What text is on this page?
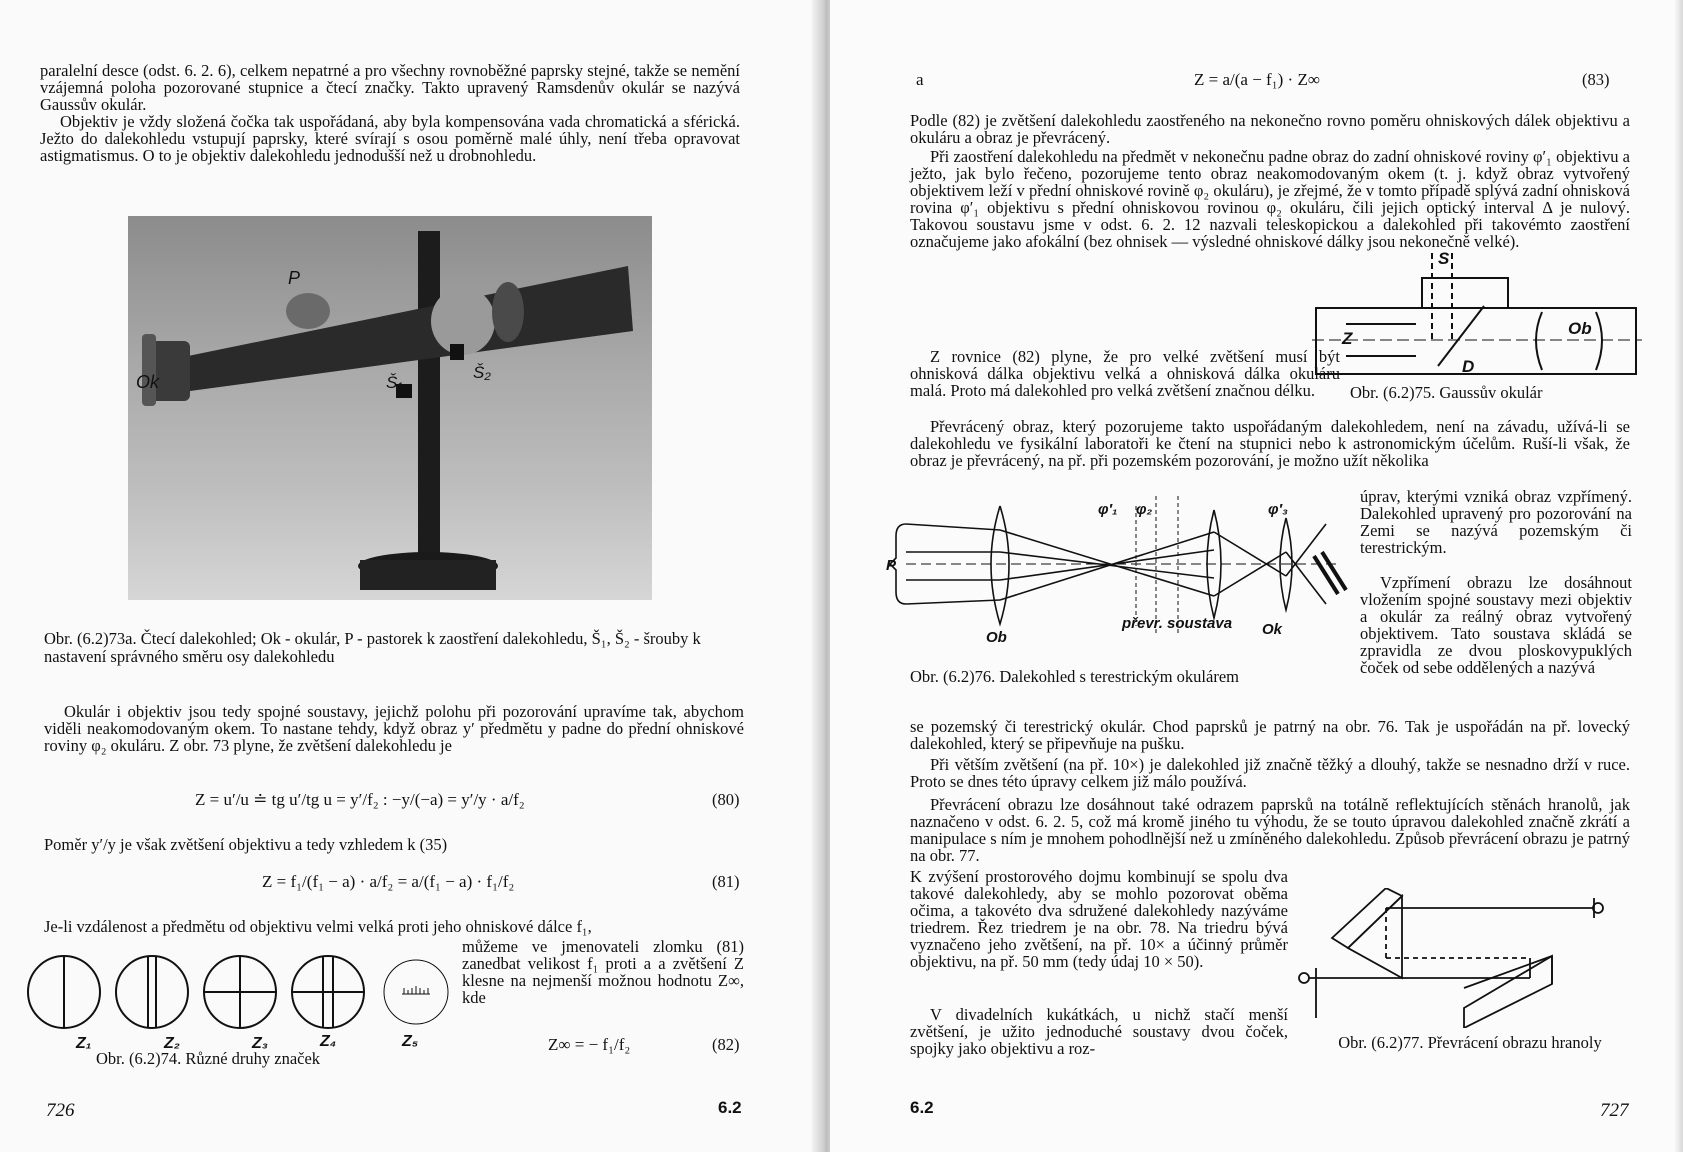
paralelní desce (odst. 6. 2. 6), celkem nepatrné a pro všechny rovnoběžné paprsky stejné, takže se nemění vzájemná poloha pozorované stupnice a čtecí značky. Takto upravený Ramsdenův okulár se nazývá Gaussův okulár.

Objektiv je vždy složená čočka tak uspořádaná, aby byla kompensována vada chromatická a sférická. Ježto do dalekohledu vstupují paprsky, které svírají s osou poměrně malé úhly, není třeba opravovat astigmatismus. O to je objektiv dalekohledu jednodušší než u drobnohledu.

P
Ok	Š₁
Š₂
Obr. (6.2)73a. Čtecí dalekohled; Ok - okulár, P - pastorek k zaostření dalekohledu, Š₁, Š₂ - šrouby k nastavení správného směru osy dalekohledu
Okulár i objektiv jsou tedy spojné soustavy, jejichž polohu při pozorování upravíme tak, abychom viděli neakomodovaným okem. To nastane tehdy, když obraz y′ předmětu y padne do přední ohniskové roviny φ₂ okuláru. Z obr. 73 plyne, že zvětšení dalekohledu je
Z = u′/u ≐ tg u′/tg u = y′/f₂ : −y/(−a) = y′/y · a/f₂	(80)
Poměr y′/y je však zvětšení objektivu a tedy vzhledem k (35)
Z = f₁/(f₁ − a) · a/f₂ = a/(f₁ − a) · f₁/f₂	(81)
Je-li vzdálenost a předmětu od objektivu velmi velká proti jeho ohniskové dálce f₁,
můžeme ve jmenovateli zlomku (81) zanedbat velikost f₁ proti a a zvětšení Z klesne na nejmenší možnou hodnotu Z∞, kde
Z₁	Z₂	Z₃	Z₄	Z₅
Obr. (6.2)74. Různé druhy značek
Z∞ = − f₁/f₂	(82)
726	6.2
a	Z = a/(a − f₁) · Z∞	(83)
Podle (82) je zvětšení dalekohledu zaostřeného na nekonečno rovno poměru ohniskových dálek objektivu a okuláru a obraz je převrácený.

Při zaostření dalekohledu na předmět v nekonečnu padne obraz do zadní ohniskové roviny φ′₁ objektivu a ježto, jak bylo řečeno, pozorujeme tento obraz neakomodovaným okem (t. j. když obraz vytvořený objektivem leží v přední ohniskové rovině φ₂ okuláru), je zřejmé, že v tomto případě splývá zadní ohnisková rovina φ′₁ objektivu s přední ohniskovou rovinou φ₂ okuláru, čili jejich optický interval Δ je nulový. Takovou soustavu jsme v odst. 6. 2. 12 nazvali teleskopickou a dalekohled při takovémto zaostření označujeme jako afokální (bez ohnisek — výsledné ohniskové dálky jsou nekonečně velké).

S
Z
Ob
D
Obr. (6.2)75. Gaussův okulár
Z rovnice (82) plyne, že pro velké zvětšení musí být ohnisková dálka objektivu velká a ohnisková dálka okuláru malá. Proto má dalekohled pro velká zvětšení značnou délku.
Převrácený obraz, který pozorujeme takto uspořádaným dalekohledem, není na závadu, užívá-li se dalekohledu ve fysikální laboratoři ke čtení na stupnici nebo k astronomickým účelům. Ruší-li však, že obraz je převrácený, na př. při pozemském pozorování, je možno užít několika
úprav, kterými vzniká obraz vzpřímený. Dalekohled upravený pro pozorování na Zemi se nazývá pozemským či terestrickým.
Vzpřímení obrazu lze dosáhnout vložením spojné soustavy mezi objektiv a okulár za reálný obraz vytvořený objektivem. Tato soustava skládá se zpravidla ze dvou ploskovypuklých čoček od sebe oddělených a nazývá
P
Ob	Ok
převr. soustava
φ′₁ φ₂	φ′₃
Obr. (6.2)76. Dalekohled s terestrickým okulárem
se pozemský či terestrický okulár. Chod paprsků je patrný na obr. 76. Tak je uspořádán na př. lovecký dalekohled, který se připevňuje na pušku.
Při větším zvětšení (na př. 10×) je dalekohled již značně těžký a dlouhý, takže se nesnadno drží v ruce. Proto se dnes této úpravy celkem již málo používá.
Převrácení obrazu lze dosáhnout také odrazem paprsků na totálně reflektujících stěnách hranolů, jak naznačeno v odst. 6. 2. 5, což má kromě jiného tu výhodu, že se touto úpravou dalekohled značně zkrátí a manipulace s ním je mnohem pohodlnější než u zmíněného dalekohledu. Způsob převrácení obrazu je patrný na obr. 77.
K zvýšení prostorového dojmu kombinují se spolu dva takové dalekohledy, aby se mohlo pozorovat oběma očima, a takovéto dva sdružené dalekohledy nazýváme triedrem. Řez triedrem je na obr. 78. Na triedru bývá vyznačeno jeho zvětšení, na př. 10× a účinný průměr objektivu, na př. 50 mm (tedy údaj 10 × 50).
V divadelních kukátkách, u nichž stačí menší zvětšení, je užito jednoduché soustavy dvou čoček, spojky jako objektivu a roz-	Obr. (6.2)77. Převrácení obrazu hranoly
6.2	727
